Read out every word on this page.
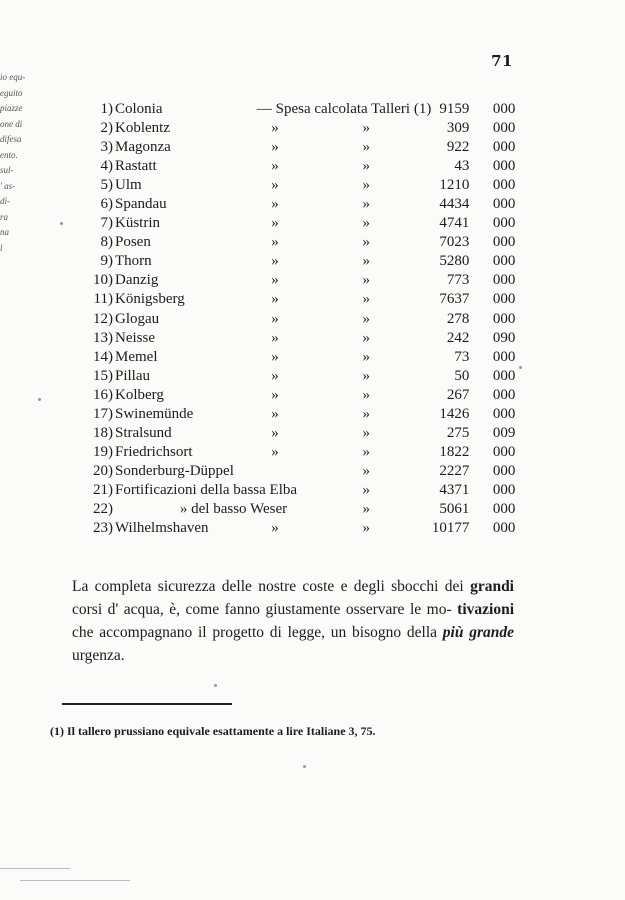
io equ-
eguito
piazze
one di
difesa
ento.
sul-
' as-
di-
ra
na
l
71
1)	Colonia	— Spesa calcolata Talleri (1)		9159	000
2)	Koblentz	»	»	309	000
3)	Magonza	»	»	922	000
4)	Rastatt	»	»	43	000
5)	Ulm	»	»	1210	000
6)	Spandau	»	»	4434	000
7)	Küstrin	»	»	4741	000
8)	Posen	»	»	7023	000
9)	Thorn	»	»	5280	000
10)	Danzig	»	»	773	000
11)	Königsberg	»	»	7637	000
12)	Glogau	»	»	278	000
13)	Neisse	»	»	242	090
14)	Memel	»	»	73	000
15)	Pillau	»	»	50	000
16)	Kolberg	»	»	267	000
17)	Swinemünde	»	»	1426	000
18)	Stralsund	»	»	275	009
19)	Friedrichsort	»	»	1822	000
20)	Sonderburg-Düppel		»	2227	000
21)	Fortificazioni della bassa Elba		»	4371	000
22)	» del basso Weser		»	5061	000
23)	Wilhelmshaven	»	»	10177	000
La completa sicurezza delle nostre coste e degli sbocchi dei grandi corsi d' acqua, è, come fanno giustamente osservare le mo- tivazioni che accompagnano il progetto di legge, un bisogno della più grande urgenza.
(1) Il tallero prussiano equivale esattamente a lire Italiane 3, 75.
